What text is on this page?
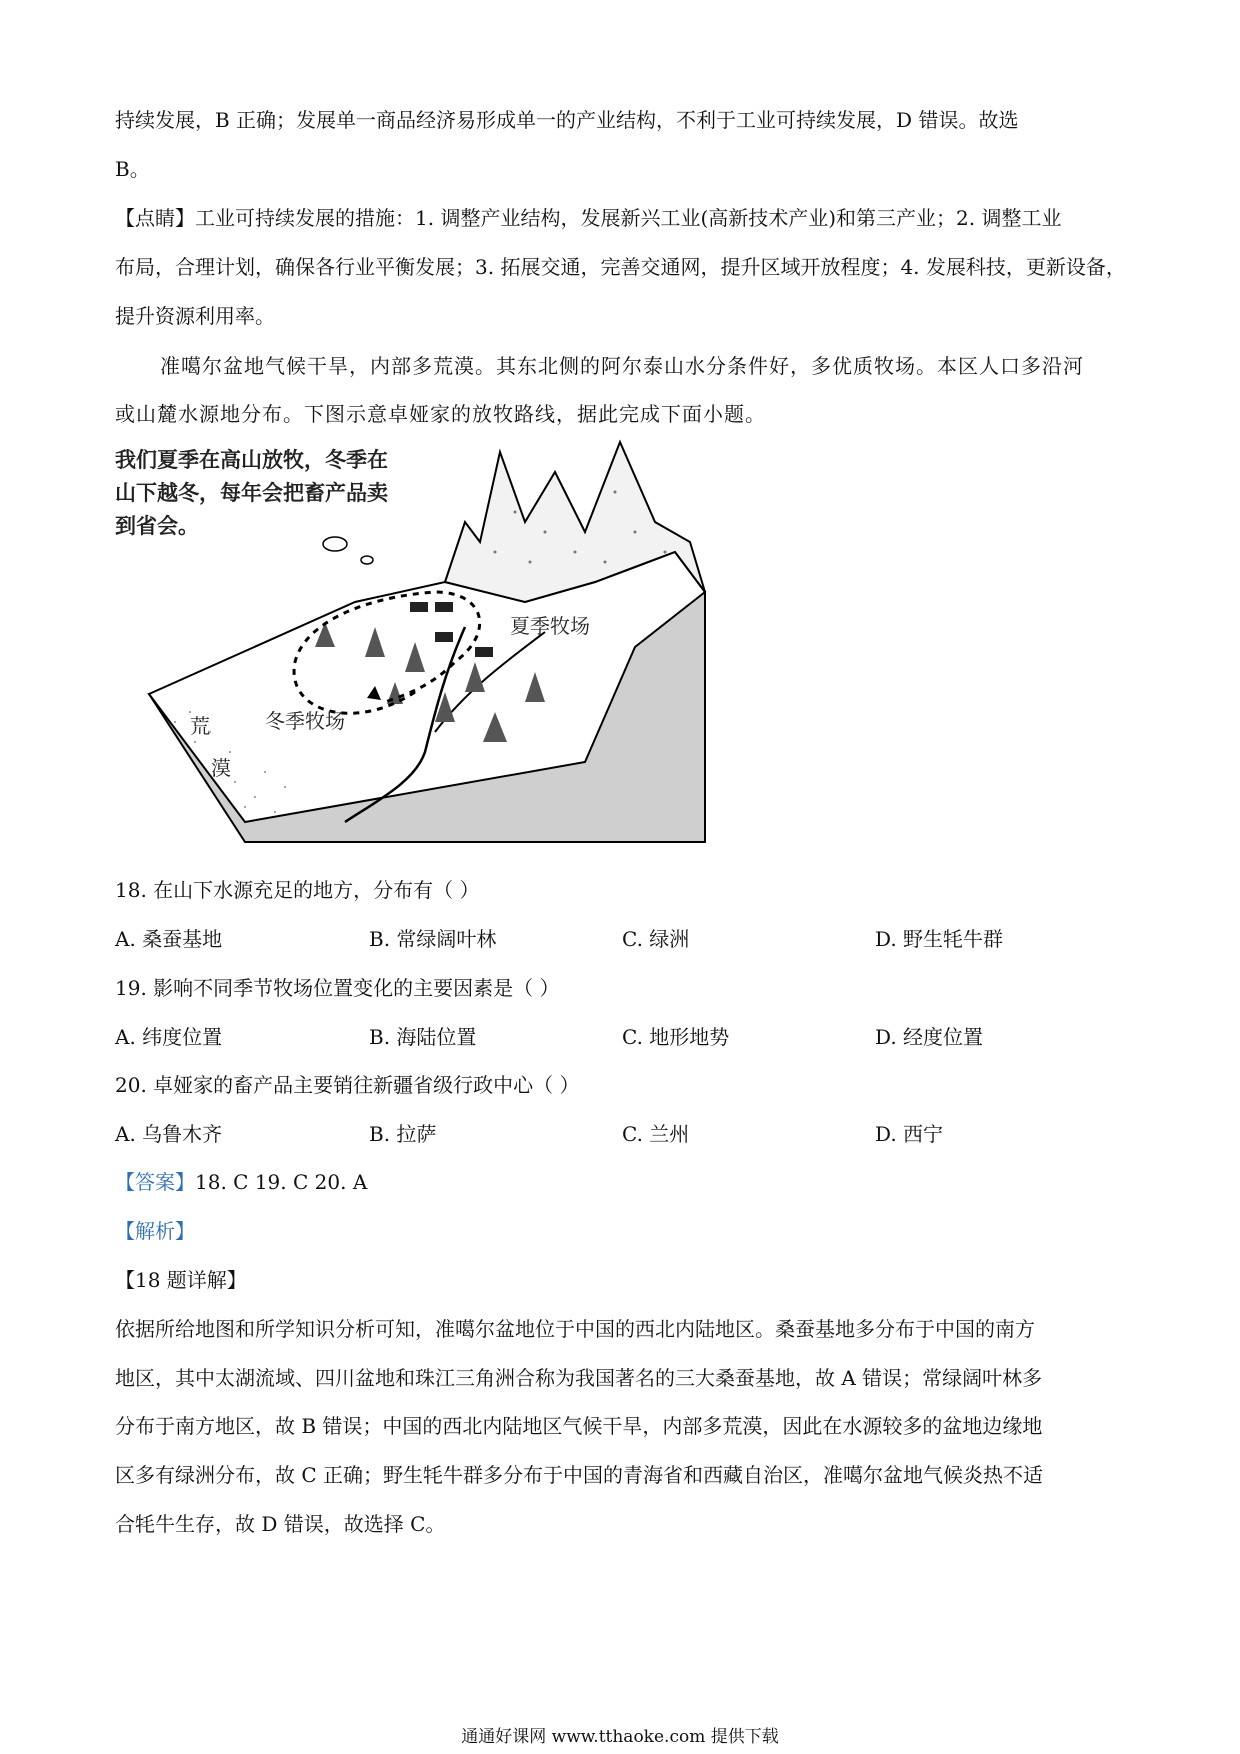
持续发展，B 正确；发展单一商品经济易形成单一的产业结构，不利于工业可持续发展，D 错误。故选
B。
【点睛】工业可持续发展的措施：1. 调整产业结构，发展新兴工业(高新技术产业)和第三产业；2. 调整工业
布局，合理计划，确保各行业平衡发展；3. 拓展交通，完善交通网，提升区域开放程度；4. 发展科技，更新设备，
提升资源利用率。
准噶尔盆地气候干旱，内部多荒漠。其东北侧的阿尔泰山水分条件好，多优质牧场。本区人口多沿河
或山麓水源地分布。下图示意卓娅家的放牧路线，据此完成下面小题。
我们夏季在高山放牧，冬季在
山下越冬，每年会把畜产品卖
到省会。
夏季牧场
冬季牧场
荒
漠
18. 在山下水源充足的地方，分布有（ ）
A. 桑蚕基地	B. 常绿阔叶林	C. 绿洲	D. 野生牦牛群
19. 影响不同季节牧场位置变化的主要因素是（ ）
A. 纬度位置	B. 海陆位置	C. 地形地势	D. 经度位置
20. 卓娅家的畜产品主要销往新疆省级行政中心（ ）
A. 乌鲁木齐	B. 拉萨	C. 兰州	D. 西宁
【答案】18. C 19. C 20. A
【解析】
【18 题详解】
依据所给地图和所学知识分析可知，准噶尔盆地位于中国的西北内陆地区。桑蚕基地多分布于中国的南方
地区，其中太湖流域、四川盆地和珠江三角洲合称为我国著名的三大桑蚕基地，故 A 错误；常绿阔叶林多
分布于南方地区，故 B 错误；中国的西北内陆地区气候干旱，内部多荒漠，因此在水源较多的盆地边缘地
区多有绿洲分布，故 C 正确；野生牦牛群多分布于中国的青海省和西藏自治区，准噶尔盆地气候炎热不适
合牦牛生存，故 D 错误，故选择 C。
通通好课网 www.tthaoke.com 提供下载
